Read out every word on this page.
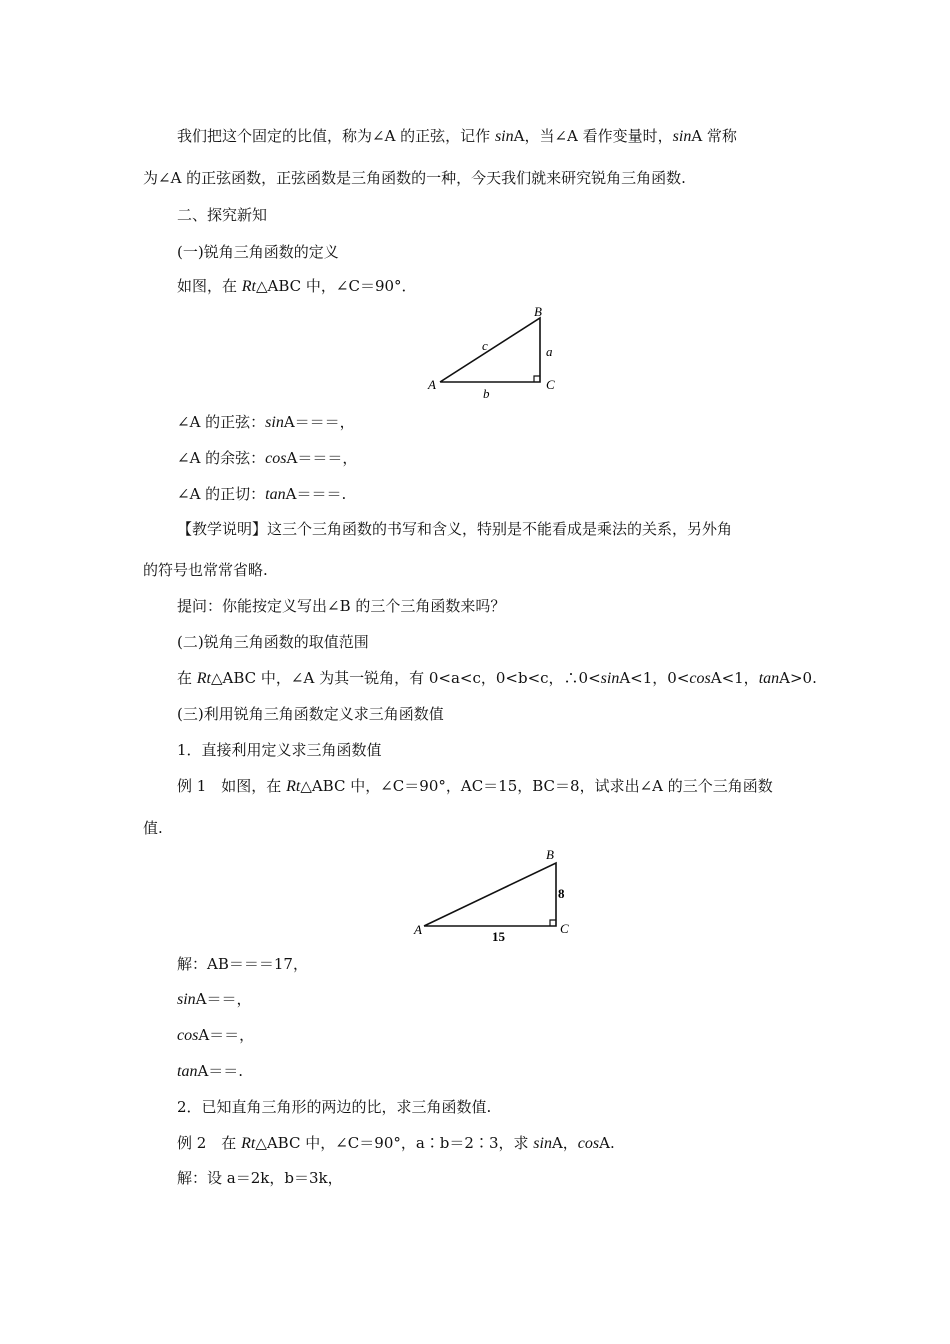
我们把这个固定的比值，称为∠A 的正弦，记作 sinA，当∠A 看作变量时，sinA 常称
为∠A 的正弦函数，正弦函数是三角函数的一种，今天我们就来研究锐角三角函数.
二、探究新知
(一)锐角三角函数的定义
如图，在 Rt△ABC 中，∠C＝90°．
A
B
C
a
b
c
∠A 的正弦：sinA＝＝＝，
∠A 的余弦：cosA＝＝＝，
∠A 的正切：tanA＝＝＝.
【教学说明】这三个三角函数的书写和含义，特别是不能看成是乘法的关系，另外角
的符号也常常省略.
提问：你能按定义写出∠B 的三个三角函数来吗？
(二)锐角三角函数的取值范围
在 Rt△ABC 中，∠A 为其一锐角，有 0<a<c，0<b<c，∴0<sinA<1，0<cosA<1，tanA>0.
(三)利用锐角三角函数定义求三角函数值
1．直接利用定义求三角函数值
例 1　如图，在 Rt△ABC 中，∠C＝90°，AC＝15，BC＝8，试求出∠A 的三个三角函数
值.
A
B
C
8
15
解：AB＝＝＝17，
sinA＝＝，
cosA＝＝，
tanA＝＝.
2．已知直角三角形的两边的比，求三角函数值.
例 2　在 Rt△ABC 中，∠C＝90°，a∶b＝2∶3，求 sinA，cosA.
解：设 a＝2k，b＝3k，
